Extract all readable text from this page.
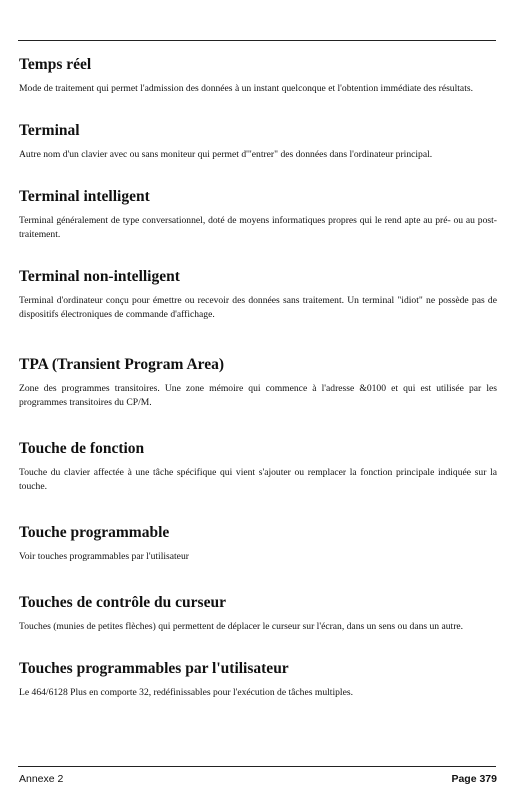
Temps réel

Mode de traitement qui permet l'admission des données à un instant quelconque et l'obtention immédiate des résultats.

Terminal

Autre nom d'un clavier avec ou sans moniteur qui permet d'"entrer" des données dans l'ordinateur principal.

Terminal intelligent

Terminal généralement de type conversationnel, doté de moyens informatiques propres qui le rend apte au pré- ou au post-traitement.

Terminal non-intelligent

Terminal d'ordinateur conçu pour émettre ou recevoir des données sans traitement. Un terminal "idiot" ne possède pas de dispositifs électroniques de commande d'affichage.

TPA (Transient Program Area)

Zone des programmes transitoires. Une zone mémoire qui commence à l'adresse &0100 et qui est utilisée par les programmes transitoires du CP/M.

Touche de fonction

Touche du clavier affectée à une tâche spécifique qui vient s'ajouter ou remplacer la fonction principale indiquée sur la touche.

Touche programmable

Voir touches programmables par l'utilisateur

Touches de contrôle du curseur

Touches (munies de petites flèches) qui permettent de déplacer le curseur sur l'écran, dans un sens ou dans un autre.

Touches programmables par l'utilisateur

Le 464/6128 Plus en comporte 32, redéfinissables pour l'exécution de tâches multiples.

Annexe 2	Page 379
